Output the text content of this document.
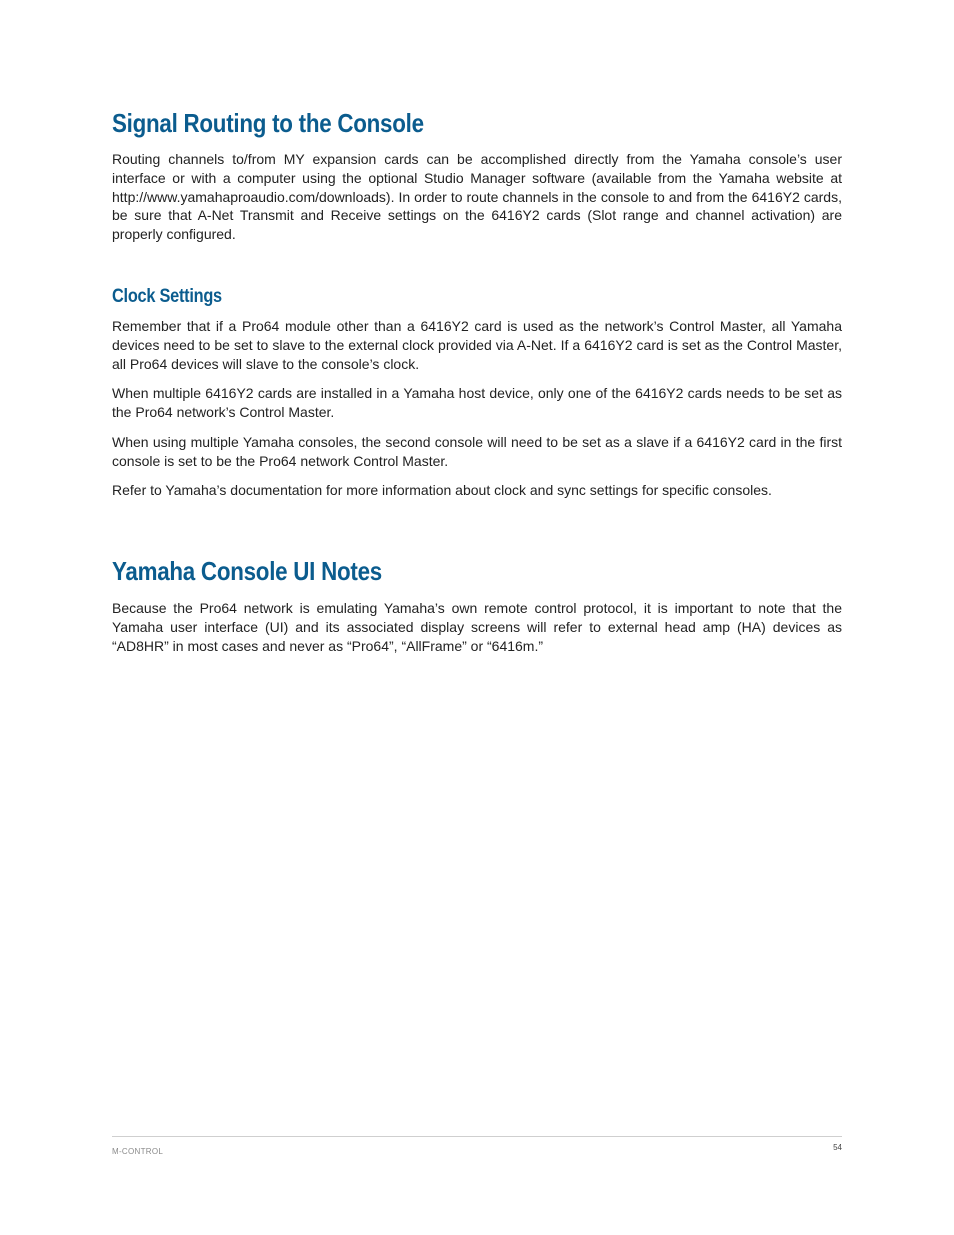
Signal Routing to the Console

Routing channels to/from MY expansion cards can be accomplished directly from the Yamaha console’s user interface or with a computer using the optional Studio Manager software (available from the Yamaha website at http://www.yamahaproaudio.com/downloads). In order to route channels in the console to and from the 6416Y2 cards, be sure that A-Net Transmit and Receive settings on the 6416Y2 cards (Slot range and channel activation) are properly configured.

Clock Settings

Remember that if a Pro64 module other than a 6416Y2 card is used as the network’s Control Master, all Yamaha devices need to be set to slave to the external clock provided via A-Net. If a 6416Y2 card is set as the Control Master, all Pro64 devices will slave to the console’s clock.

When multiple 6416Y2 cards are installed in a Yamaha host device, only one of the 6416Y2 cards needs to be set as the Pro64 network’s Control Master.

When using multiple Yamaha consoles, the second console will need to be set as a slave if a 6416Y2 card in the first console is set to be the Pro64 network Control Master.

Refer to Yamaha’s documentation for more information about clock and sync settings for specific consoles.

Yamaha Console UI Notes

Because the Pro64 network is emulating Yamaha’s own remote control protocol, it is important to note that the Yamaha user interface (UI) and its associated display screens will refer to external head amp (HA) devices as “AD8HR” in most cases and never as “Pro64”, “AllFrame” or “6416m.”

M-CONTROL	54
